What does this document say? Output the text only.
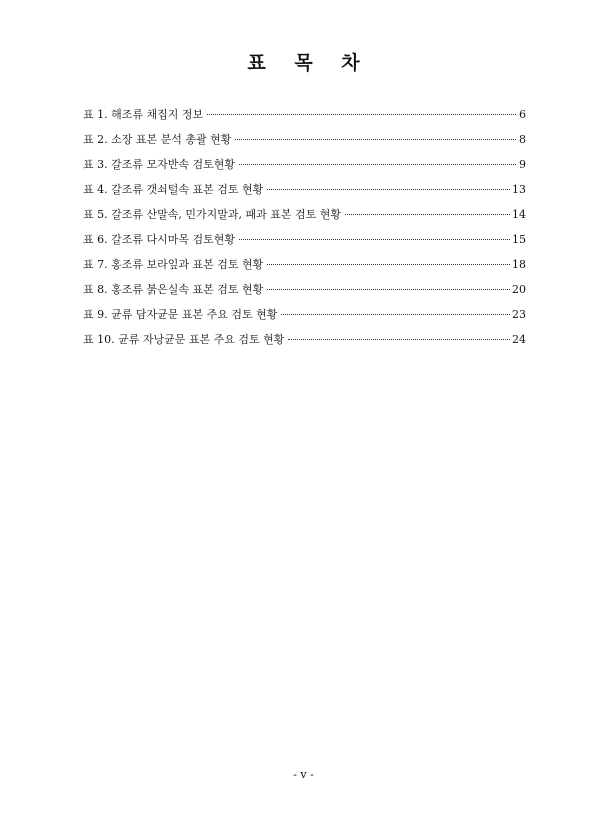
표 목 차
표 1. 해조류 채집지 정보	6
표 2. 소장 표본 분석 총괄 현황	8
표 3. 갈조류 모자반속 검토현황	9
표 4. 갈조류 갯쇠털속 표본 검토 현황	13
표 5. 갈조류 산말속, 민가지말과, 패과 표본 검토 현황	14
표 6. 갈조류 다시마목 검토현황	15
표 7. 홍조류 보라잎과 표본 검토 현황	18
표 8. 홍조류 붉은실속 표본 검토 현황	20
표 9. 균류 담자균문 표본 주요 검토 현황	23
표 10. 균류 자낭균문 표본 주요 검토 현황	24
- v -
